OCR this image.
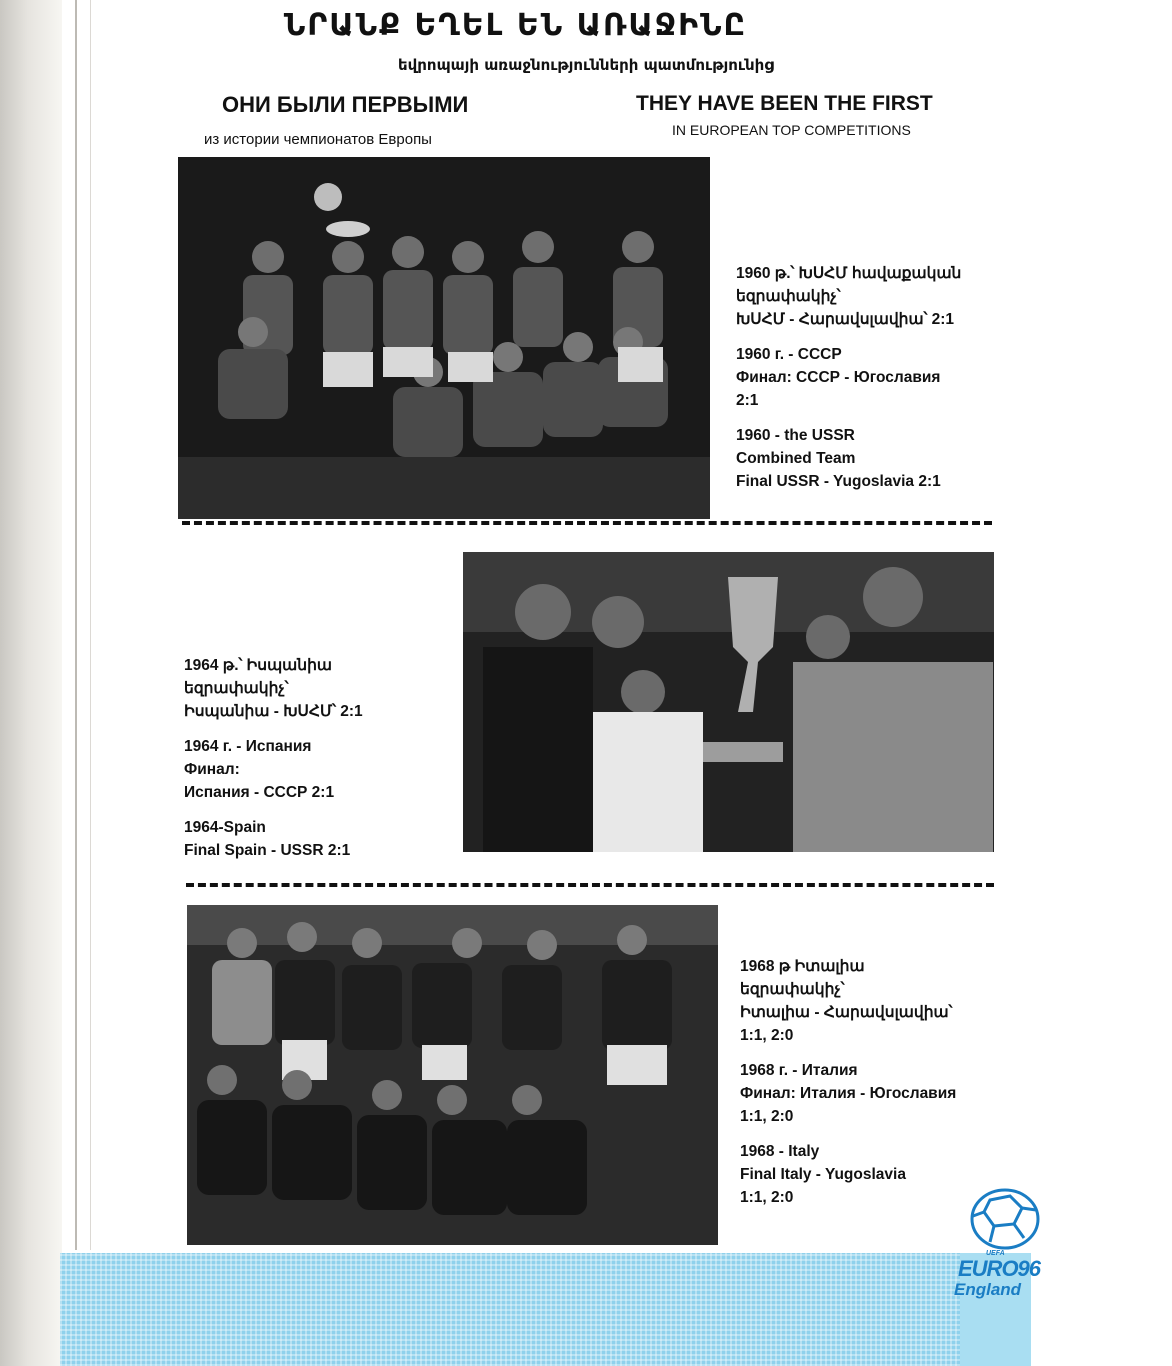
ՆՐԱՆՔ ԵՂԵԼ ԵՆ ԱՌԱՋԻՆԸ
եվրոպայի առաջնությունների պատմությունից
ОНИ БЫЛИ ПЕРВЫМИ
из истории чемпионатов Европы
THEY HAVE BEEN THE FIRST
IN EUROPEAN TOP COMPETITIONS

1960 թ.՝ ԽՍՀՄ հավաքական
եզրափակիչ՝
ԽՍՀՄ - Հարավսլավիա՝ 2:1

1960 г. - СССР
Финал: СССР - Югославия
2:1

1960 - the USSR
Combined Team
Final USSR - Yugoslavia 2:1

1964 թ.՝ Իսպանիա
եզրափակիչ՝
Իսպանիա - ԽՍՀՄ՝ 2:1

1964 г. - Испания
Финал:
Испания - СССР 2:1

1964-Spain
Final Spain - USSR 2:1

1968 թ Իտալիա
եզրափակիչ՝
Իտալիա - Հարավսլավիա՝
1:1, 2:0

1968 г. - Италия
Финал: Италия - Югославия
1:1, 2:0

1968 - Italy
Final Italy - Yugoslavia
1:1, 2:0

UEFA
EURO96
England
